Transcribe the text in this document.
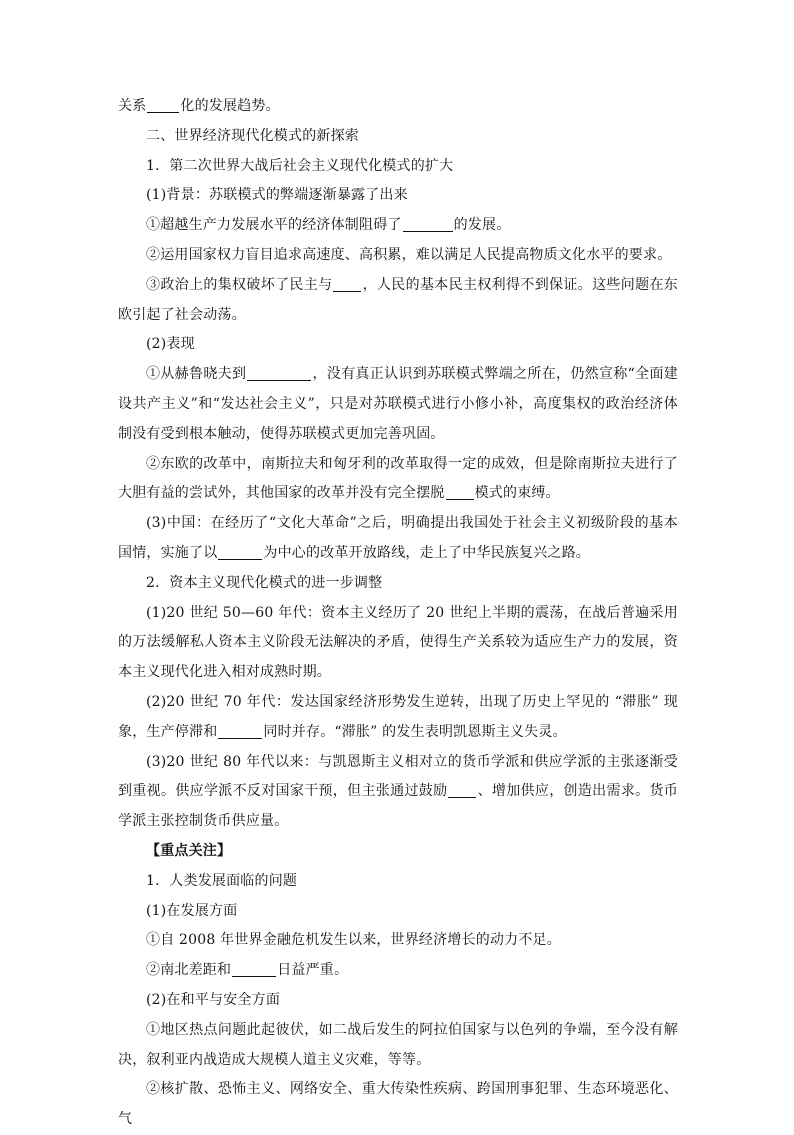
关系 化的发展趋势。

二、世界经济现代化模式的新探索

1．第二次世界大战后社会主义现代化模式的扩大

(1)背景：苏联模式的弊端逐渐暴露了出来

①超越生产力发展水平的经济体制阻碍了	的发展。

②运用国家权力盲目追求高速度、高积累，难以满足人民提高物质文化水平的要求。

③政治上的集权破坏了民主与 ，人民的基本民主权利得不到保证。这些问题在东欧引起了社会动荡。

(2)表现

①从赫鲁晓夫到	，没有真正认识到苏联模式弊端之所在，仍然宣称“全面建设共产主义”和“发达社会主义”，只是对苏联模式进行小修小补，高度集权的政治经济体制没有受到根本触动，使得苏联模式更加完善巩固。

②东欧的改革中，南斯拉夫和匈牙利的改革取得一定的成效，但是除南斯拉夫进行了大胆有益的尝试外，其他国家的改革并没有完全摆脱 模式的束缚。

(3)中国：在经历了“文化大革命”之后，明确提出我国处于社会主义初级阶段的基本国情，实施了以	为中心的改革开放路线，走上了中华民族复兴之路。

2．资本主义现代化模式的进一步调整

(1)20 世纪 50—60 年代：资本主义经历了 20 世纪上半期的震荡，在战后普遍采用的万法缓解私人资本主义阶段无法解决的矛盾，使得生产关系较为适应生产力的发展，资本主义现代化进入相对成熟时期。

(2)20 世纪 70 年代：发达国家经济形势发生逆转，出现了历史上罕见的 “滞胀” 现象，生产停滞和	同时并存。“滞胀” 的发生表明凯恩斯主义失灵。

(3)20 世纪 80 年代以来：与凯恩斯主义相对立的货币学派和供应学派的主张逐渐受到重视。供应学派不反对国家干预，但主张通过鼓励 、增加供应，创造出需求。货币学派主张控制货币供应量。

【重点关注】

1．人类发展面临的问题

(1)在发展方面

①自 2008 年世界金融危机发生以来，世界经济增长的动力不足。

②南北差距和	日益严重。

(2)在和平与安全方面

①地区热点问题此起彼伏，如二战后发生的阿拉伯国家与以色列的争端，至今没有解决，叙利亚内战造成大规模人道主义灾难，等等。

②核扩散、恐怖主义、网络安全、重大传染性疾病、跨国刑事犯罪、生态环境恶化、气
